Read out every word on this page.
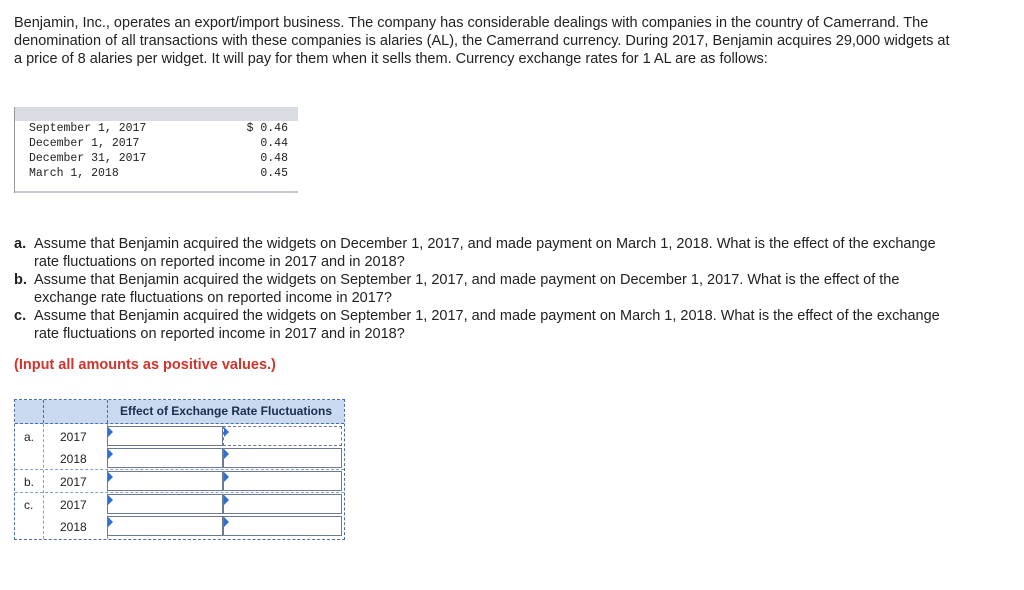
Benjamin, Inc., operates an export/import business. The company has considerable dealings with companies in the country of Camerrand. The denomination of all transactions with these companies is alaries (AL), the Camerrand currency. During 2017, Benjamin acquires 29,000 widgets at a price of 8 alaries per widget. It will pay for them when it sells them. Currency exchange rates for 1 AL are as follows:

September 1, 2017	$ 0.46
December 1, 2017	0.44
December 31, 2017	0.48
March 1, 2018	0.45
a. Assume that Benjamin acquired the widgets on December 1, 2017, and made payment on March 1, 2018. What is the effect of the exchange rate fluctuations on reported income in 2017 and in 2018?
b. Assume that Benjamin acquired the widgets on September 1, 2017, and made payment on December 1, 2017. What is the effect of the exchange rate fluctuations on reported income in 2017?
c. Assume that Benjamin acquired the widgets on September 1, 2017, and made payment on March 1, 2018. What is the effect of the exchange rate fluctuations on reported income in 2017 and in 2018?
(Input all amounts as positive values.)
Effect of Exchange Rate Fluctuations
a. 2017
2018
b. 2017
c. 2017
2018
